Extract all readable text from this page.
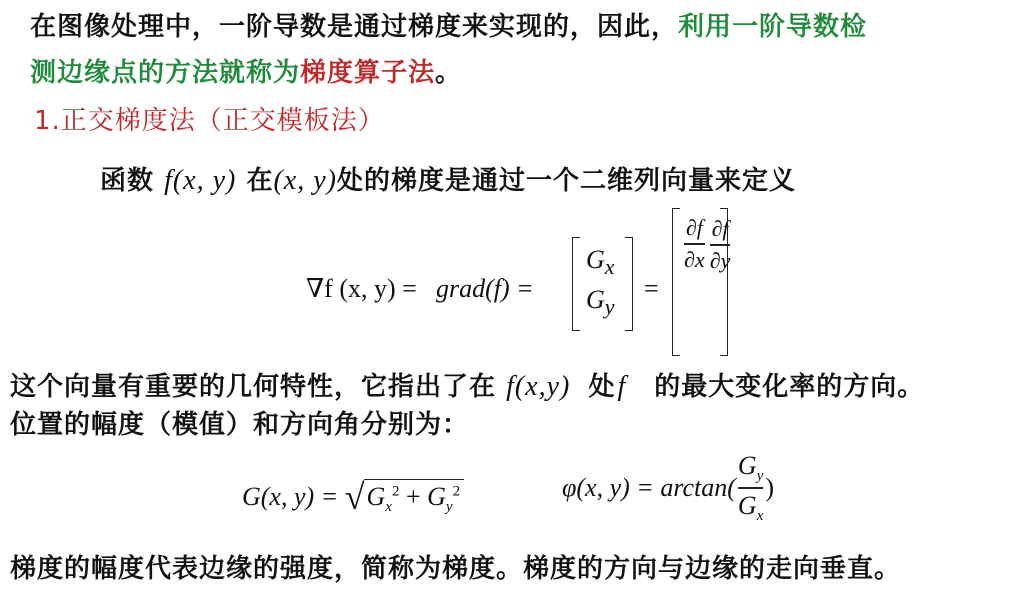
在图像处理中，一阶导数是通过梯度来实现的，因此，利用一阶导数检
测边缘点的方法就称为梯度算子法。
1.正交梯度法（正交模板法）
函数 f(x, y) 在(x, y)处的梯度是通过一个二维列向量来定义
∇f (x, y) = grad(f) =
$G_x$
$G_y$
=
$\frac{\partial f}{\partial x}$
$\frac{\partial f}{\partial y}$
这个向量有重要的几何特性，它指出了在 f(x,y) 处f 的最大变化率的方向。
位置的幅度（模值）和方向角分别为：
G(x, $y) = √G_x^2 + G_y^2$	φ(x, $y) = \arctan( \frac{G_y}{G_x}$ )
梯度的幅度代表边缘的强度，简称为梯度。梯度的方向与边缘的走向垂直。
